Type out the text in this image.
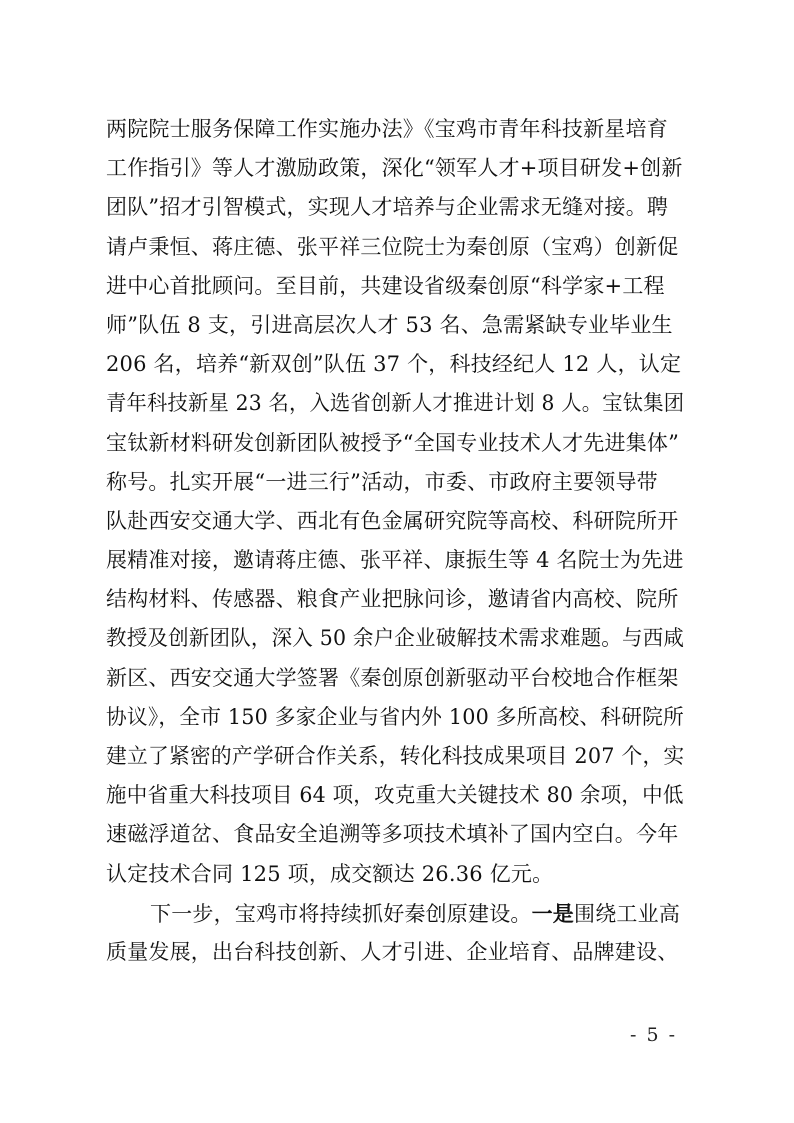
两院院士服务保障工作实施办法》《宝鸡市青年科技新星培育
工作指引》等人才激励政策，深化“领军人才+项目研发+创新
团队”招才引智模式，实现人才培养与企业需求无缝对接。聘
请卢秉恒、蒋庄德、张平祥三位院士为秦创原（宝鸡）创新促
进中心首批顾问。至目前，共建设省级秦创原“科学家+工程
师”队伍 8 支，引进高层次人才 53 名、急需紧缺专业毕业生
206 名，培养“新双创”队伍 37 个，科技经纪人 12 人，认定
青年科技新星 23 名，入选省创新人才推进计划 8 人。宝钛集团
宝钛新材料研发创新团队被授予“全国专业技术人才先进集体”
称号。扎实开展“一进三行”活动，市委、市政府主要领导带
队赴西安交通大学、西北有色金属研究院等高校、科研院所开
展精准对接，邀请蒋庄德、张平祥、康振生等 4 名院士为先进
结构材料、传感器、粮食产业把脉问诊，邀请省内高校、院所
教授及创新团队，深入 50 余户企业破解技术需求难题。与西咸
新区、西安交通大学签署《秦创原创新驱动平台校地合作框架
协议》，全市 150 多家企业与省内外 100 多所高校、科研院所
建立了紧密的产学研合作关系，转化科技成果项目 207 个，实
施中省重大科技项目 64 项，攻克重大关键技术 80 余项，中低
速磁浮道岔、食品安全追溯等多项技术填补了国内空白。今年
认定技术合同 125 项，成交额达 26.36 亿元。
下一步，宝鸡市将持续抓好秦创原建设。一是围绕工业高
质量发展，出台科技创新、人才引进、企业培育、品牌建设、
- 5 -
